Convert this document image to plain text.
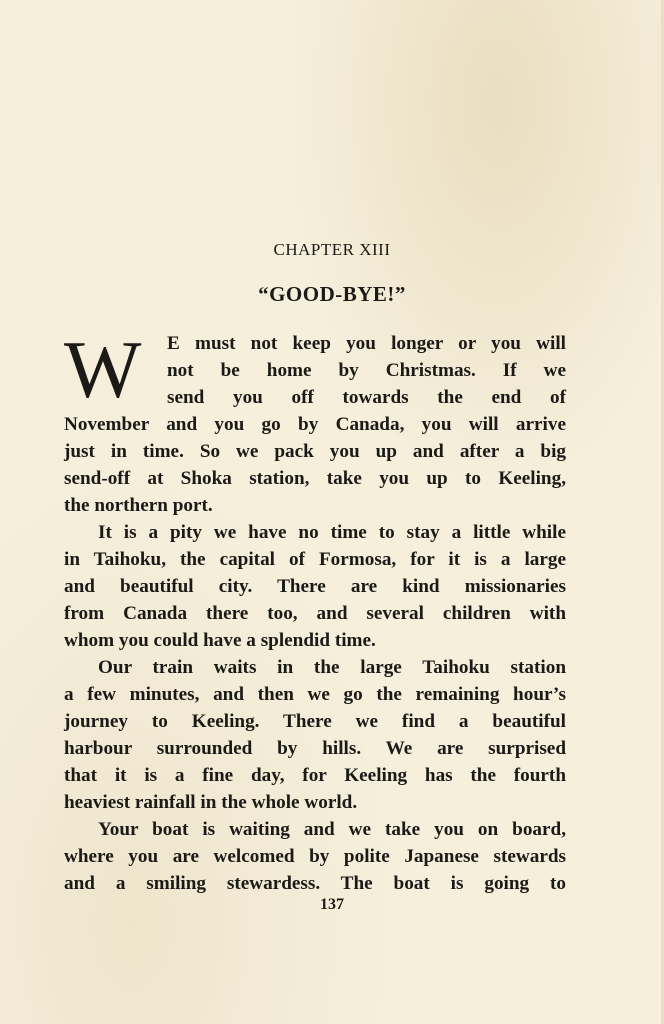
CHAPTER XIII
“GOOD-BYE!”
W	E must not keep you longer or you will
not be home by Christmas. If we
send you off towards the end of
November and you go by Canada, you will arrive
just in time. So we pack you up and after a big
send-off at Shoka station, take you up to Keeling,
the northern port.
It is a pity we have no time to stay a little while
in Taihoku, the capital of Formosa, for it is a large
and beautiful city. There are kind missionaries
from Canada there too, and several children with
whom you could have a splendid time.
Our train waits in the large Taihoku station
a few minutes, and then we go the remaining hour’s
journey to Keeling. There we find a beautiful
harbour surrounded by hills. We are surprised
that it is a fine day, for Keeling has the fourth
heaviest rainfall in the whole world.
Your boat is waiting and we take you on board,
where you are welcomed by polite Japanese stewards
and a smiling stewardess. The boat is going to
137
